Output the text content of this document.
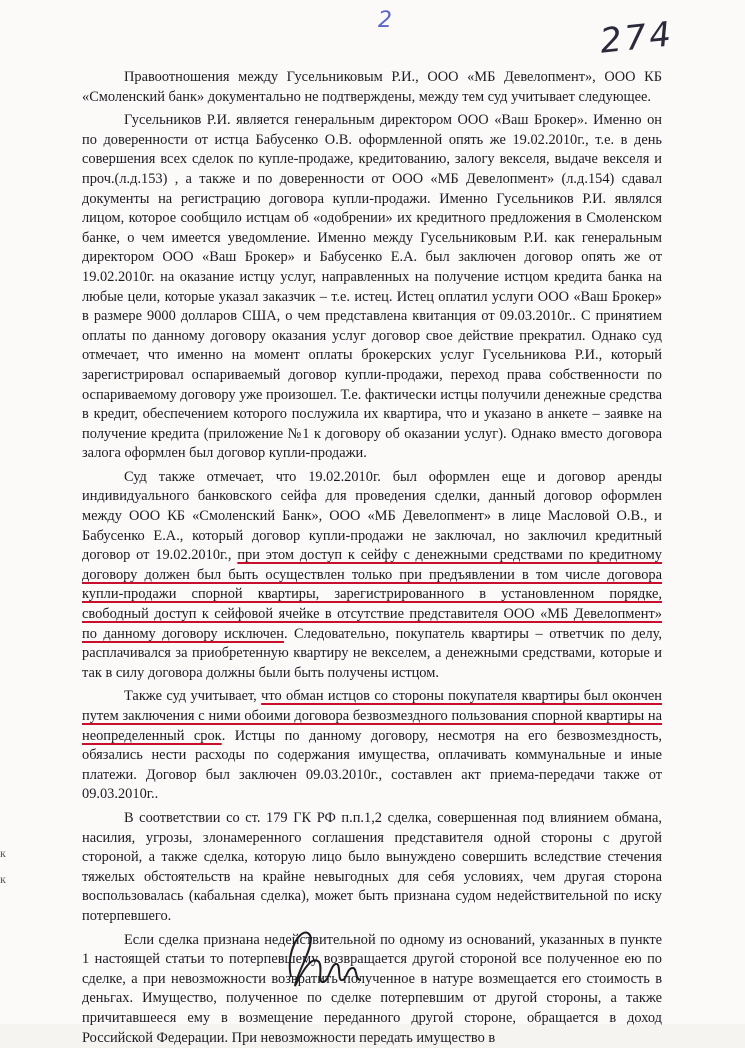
2	274
к
к

Правоотношения между Гусельниковым Р.И., ООО «МБ Девелопмент», ООО КБ «Смоленский банк» документально не подтверждены, между тем суд учитывает следующее.

Гусельников Р.И. является генеральным директором ООО «Ваш Брокер». Именно он по доверенности от истца Бабусенко О.В. оформленной опять же 19.02.2010г., т.е. в день совершения всех сделок по купле-продаже, кредитованию, залогу векселя, выдаче векселя и проч.(л.д.153) , а также и по доверенности от ООО «МБ Девелопмент» (л.д.154) сдавал документы на регистрацию договора купли-продажи. Именно Гусельников Р.И. являлся лицом, которое сообщило истцам об «одобрении» их кредитного предложения в Смоленском банке, о чем имеется уведомление. Именно между Гусельниковым Р.И. как генеральным директором ООО «Ваш Брокер» и Бабусенко Е.А. был заключен договор опять же от 19.02.2010г. на оказание истцу услуг, направленных на получение истцом кредита банка на любые цели, которые указал заказчик – т.е. истец. Истец оплатил услуги ООО «Ваш Брокер» в размере 9000 долларов США, о чем представлена квитанция от 09.03.2010г.. С принятием оплаты по данному договору оказания услуг договор свое действие прекратил. Однако суд отмечает, что именно на момент оплаты брокерских услуг Гусельникова Р.И., который зарегистрировал оспариваемый договор купли-продажи, переход права собственности по оспариваемому договору уже произошел. Т.е. фактически истцы получили денежные средства в кредит, обеспечением которого послужила их квартира, что и указано в анкете – заявке на получение кредита (приложение №1 к договору об оказании услуг). Однако вместо договора залога оформлен был договор купли-продажи.

Суд также отмечает, что 19.02.2010г. был оформлен еще и договор аренды индивидуального банковского сейфа для проведения сделки, данный договор оформлен между ООО КБ «Смоленский Банк», ООО «МБ Девелопмент» в лице Масловой О.В., и Бабусенко Е.А., который договор купли-продажи не заключал, но заключил кредитный договор от 19.02.2010г., при этом доступ к сейфу с денежными средствами по кредитному договору должен был быть осуществлен только при предъявлении в том числе договора купли-продажи спорной квартиры, зарегистрированного в установленном порядке, свободный доступ к сейфовой ячейке в отсутствие представителя ООО «МБ Девелопмент» по данному договору исключен. Следовательно, покупатель квартиры – ответчик по делу, расплачивался за приобретенную квартиру не векселем, а денежными средствами, которые и так в силу договора должны были быть получены истцом.

Также суд учитывает, что обман истцов со стороны покупателя квартиры был окончен путем заключения с ними обоими договора безвозмездного пользования спорной квартиры на неопределенный срок. Истцы по данному договору, несмотря на его безвозмездность, обязались нести расходы по содержания имущества, оплачивать коммунальные и иные платежи. Договор был заключен 09.03.2010г., составлен акт приема-передачи также от 09.03.2010г..

В соответствии со ст. 179 ГК РФ п.п.1,2 сделка, совершенная под влиянием обмана, насилия, угрозы, злонамеренного соглашения представителя одной стороны с другой стороной, а также сделка, которую лицо было вынуждено совершить вследствие стечения тяжелых обстоятельств на крайне невыгодных для себя условиях, чем другая сторона воспользовалась (кабальная сделка), может быть признана судом недействительной по иску потерпевшего.

Если сделка признана недействительной по одному из оснований, указанных в пункте 1 настоящей статьи то потерпевшему возвращается другой стороной все полученное ею по сделке, а при невозможности возвратить полученное в натуре возмещается его стоимость в деньгах. Имущество, полученное по сделке потерпевшим от другой стороны, а также причитавшееся ему в возмещение переданного другой стороне, обращается в доход Российской Федерации. При невозможности передать имущество в
